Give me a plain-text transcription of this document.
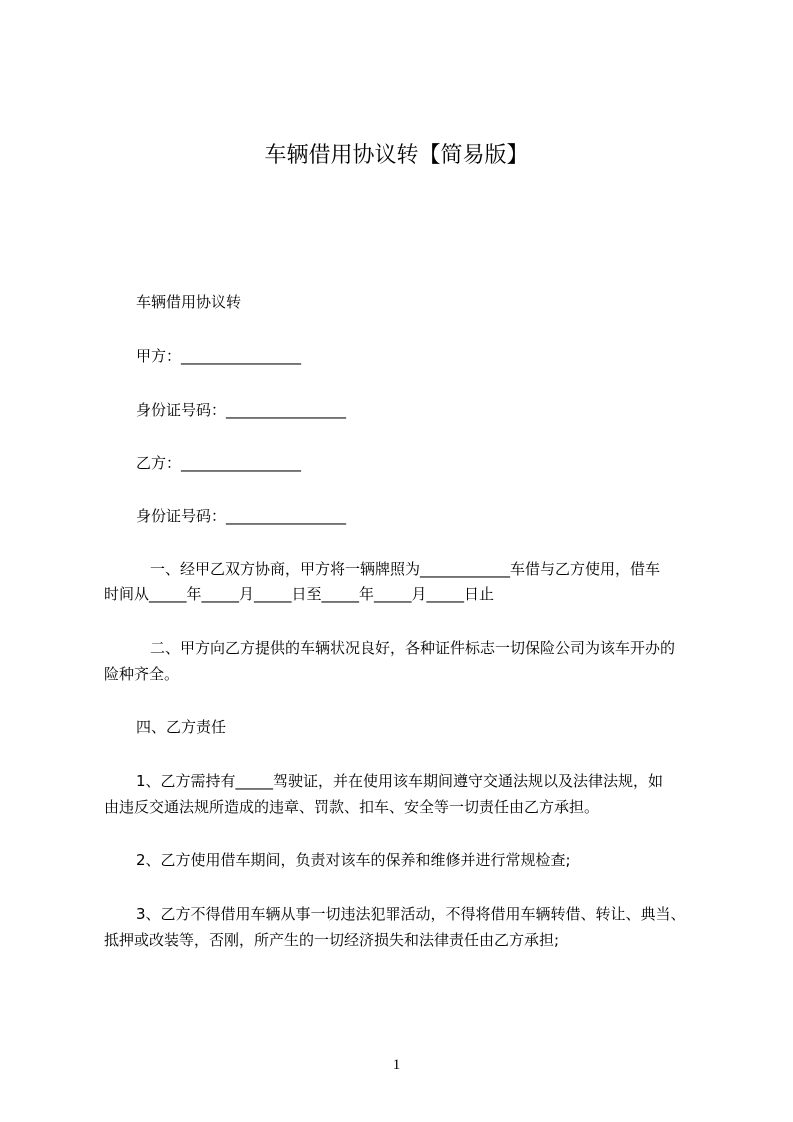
车辆借用协议转【简易版】
车辆借用协议转
甲方：________________
身份证号码：________________
乙方：________________
身份证号码：________________
一、经甲乙双方协商，甲方将一辆牌照为____________车借与乙方使用，借车
时间从_____年_____月_____日至_____年_____月_____日止
二、甲方向乙方提供的车辆状况良好，各种证件标志一切保险公司为该车开办的
险种齐全。
四、乙方责任
1、乙方需持有_____驾驶证，并在使用该车期间遵守交通法规以及法律法规，如
由违反交通法规所造成的违章、罚款、扣车、安全等一切责任由乙方承担。
2、乙方使用借车期间，负责对该车的保养和维修并进行常规检查;
3、乙方不得借用车辆从事一切违法犯罪活动，不得将借用车辆转借、转让、典当、
抵押或改装等，否刚，所产生的一切经济损失和法律责任由乙方承担;
1
